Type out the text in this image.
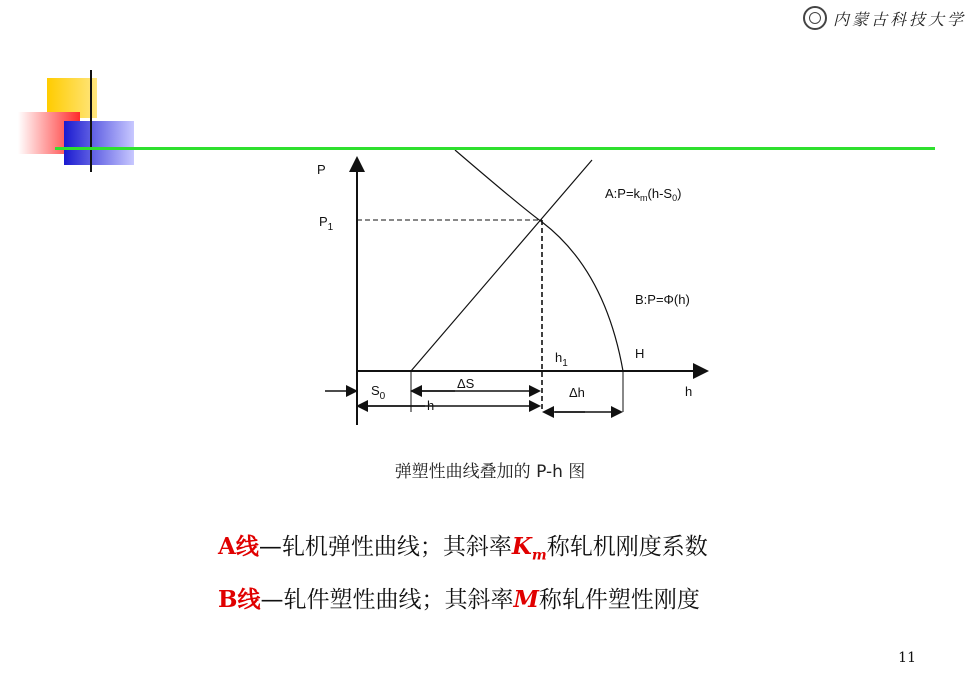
内蒙古科技大学
P
$P_1$
$A:P=k_m(h-S_0)$
B:P=Φ(h)
$h_1$
H
h
$S_0$
ΔS
Δh
h
弹塑性曲线叠加的 P-h 图
A线—轧机弹性曲线；其斜率$K_m$称轧机刚度系数
B线—轧件塑性曲线；其斜率M称轧件塑性刚度
11
